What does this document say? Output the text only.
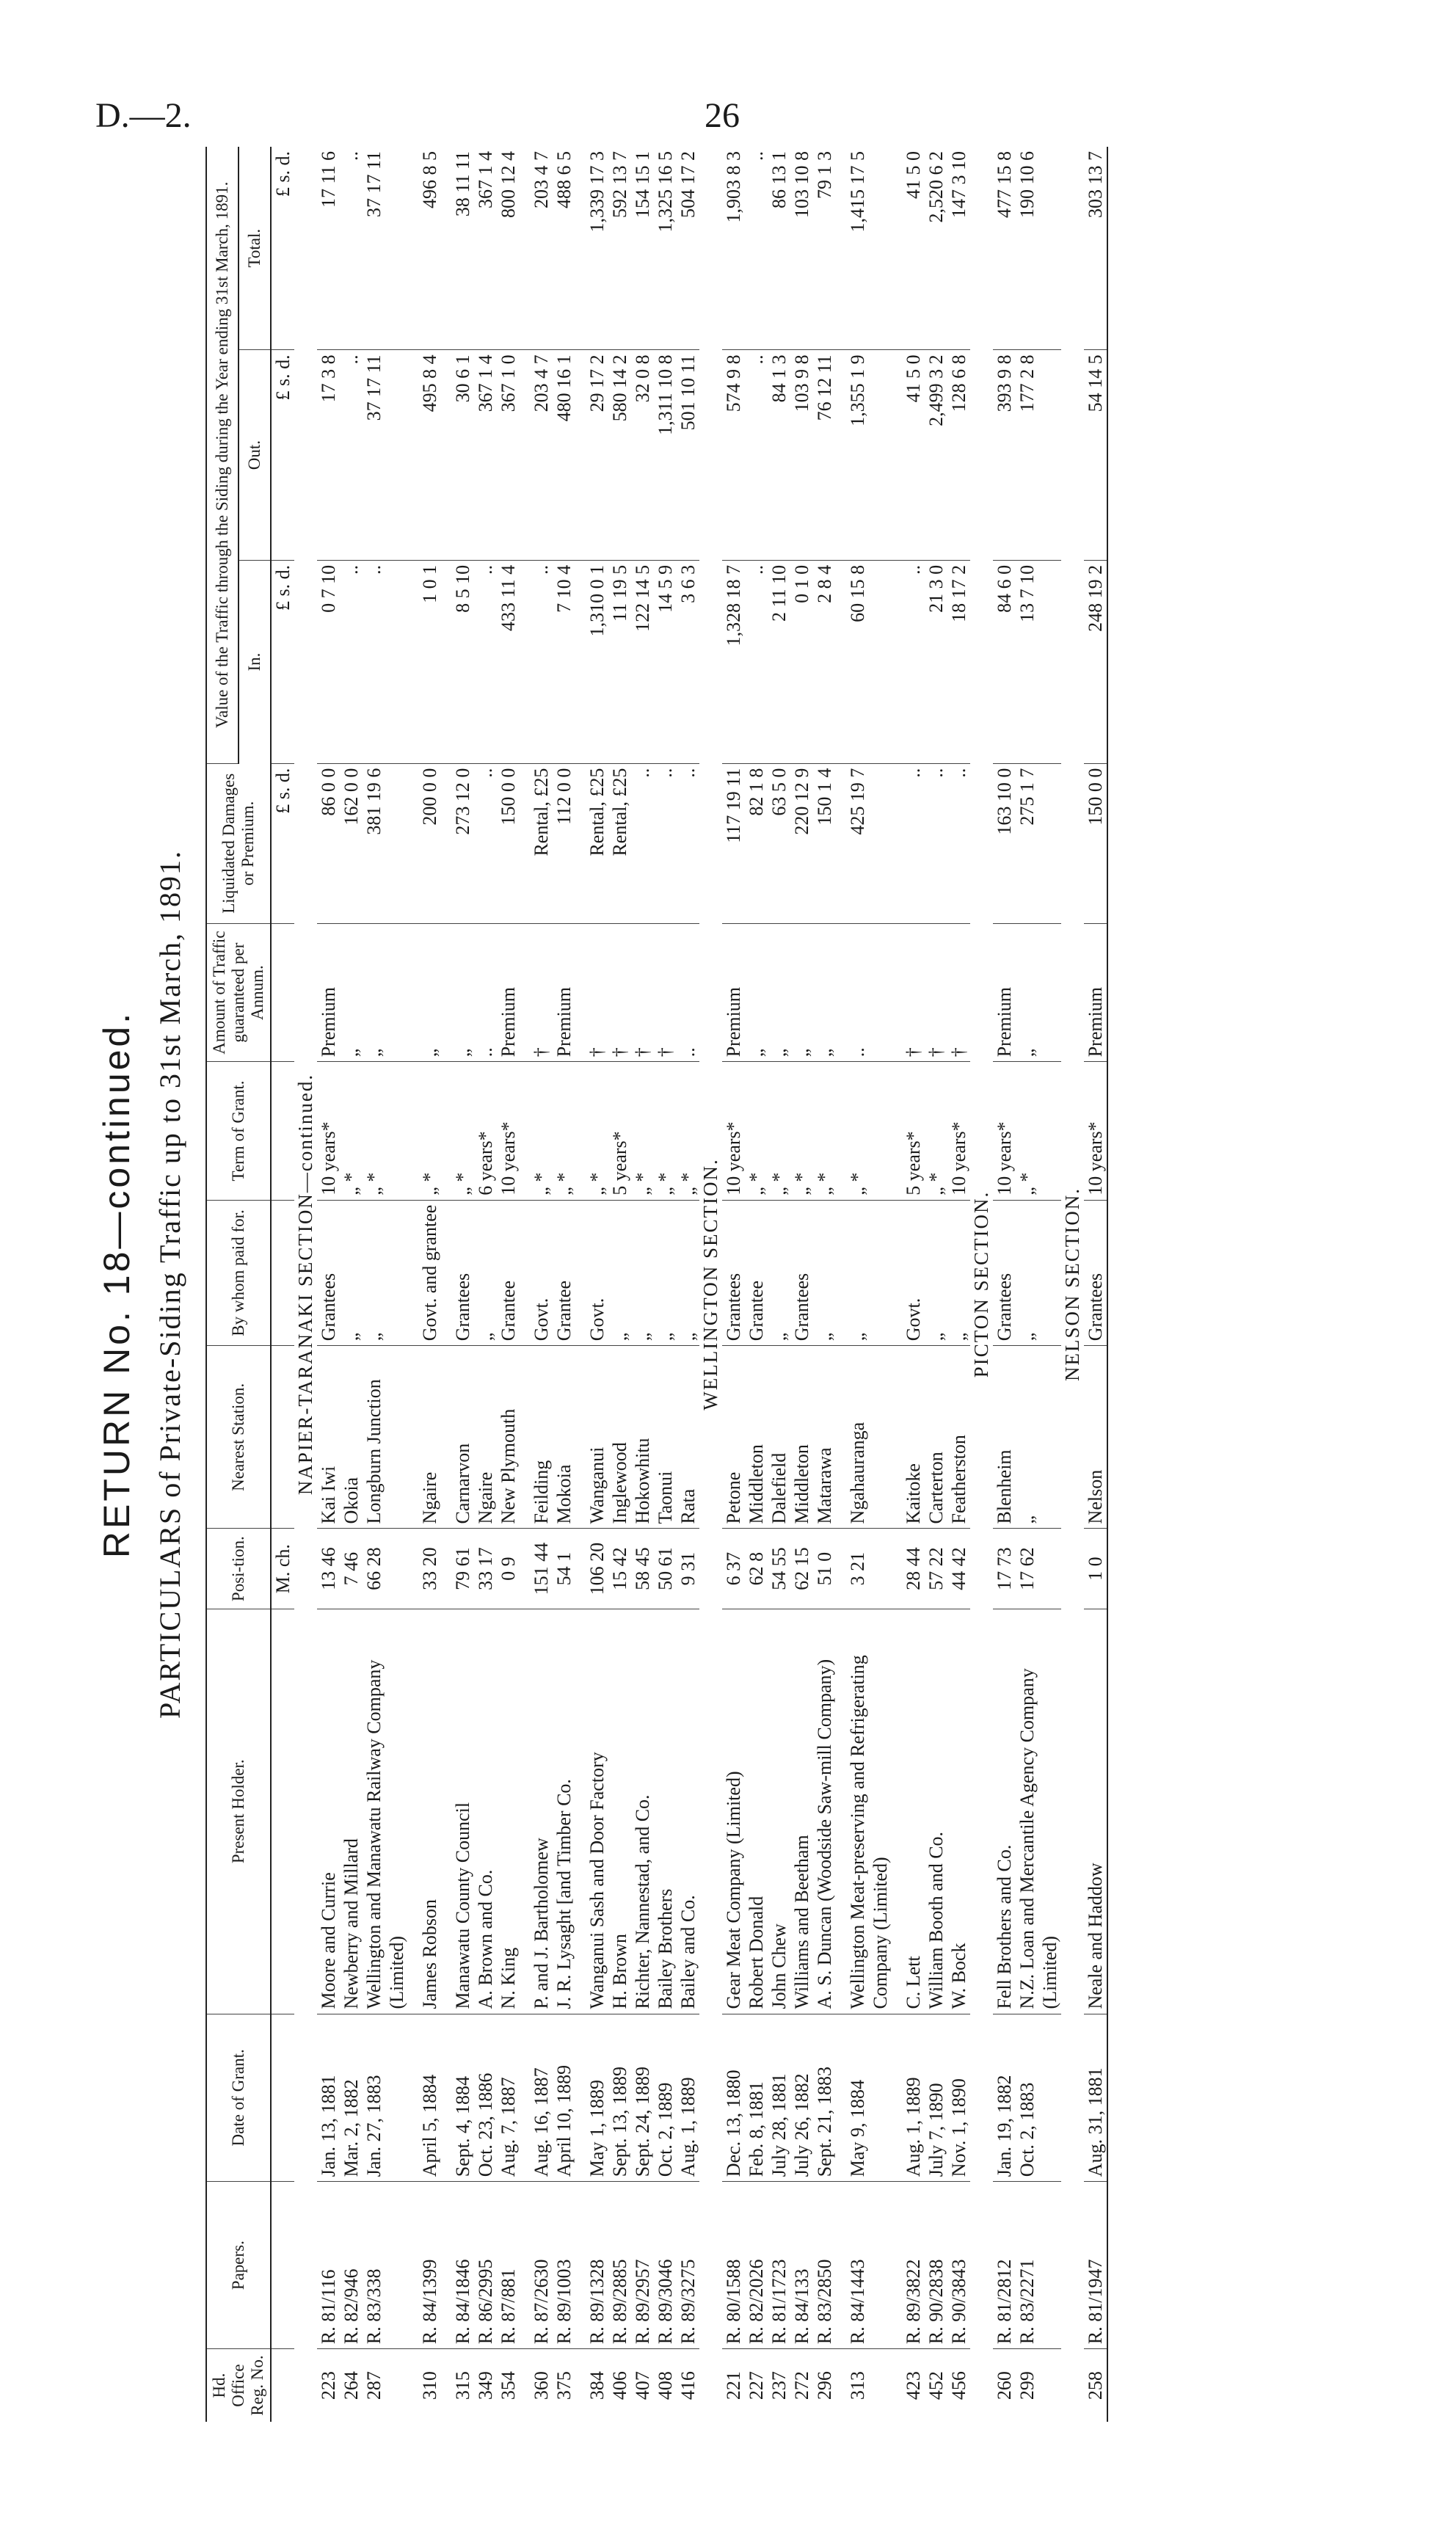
D.—2.	26
RETURN No. 18—continued. PARTICULARS of Private-Siding Traffic up to 31st March, 1891.
Hd. Office Reg. No.	Papers.	Date of Grant.	Present Holder.	Posi-tion.	Nearest Station.	By whom paid for.	Term of Grant.	Amount of Traffic guaranteed per Annum.	Liquidated Damages or Premium.	Value of the Traffic through the Siding during the Year ending 31st March, 1891.		
										In.	Out.	Total.
				M. ch.					£ s. d.	£ s. d.	£ s. d.	£ s. d.
NAPIER-TARANAKI SECTION—continued.												
223	R. 81/116	Jan. 13, 1881	Moore and Currie	13 46	Kai Iwi	Grantees	10 years*	Premium	86 0 0	0 7 10	17 3 8	17 11 6
264	R. 82/946	Mar. 2, 1882	Newberry and Millard	7 46	Okoia	„	„ *	„	162 0 0	..	..	..
287	R. 83/338	Jan. 27, 1883	Wellington and Manawatu Railway Company (Limited)	66 28	Longburn Junction	„	„ *	„	381 19 6	..	37 17 11	37 17 11

310	R. 84/1399	April 5, 1884	James Robson	33 20	Ngaire	Govt. and grantee	„ *	„	200 0 0	1 0 1	495 8 4	496 8 5

315	R. 84/1846	Sept. 4, 1884	Manawatu County Council	79 61	Carnarvon	Grantees	„ *	„	273 12 0	8 5 10	30 6 1	38 11 11
349	R. 86/2995	Oct. 23, 1886	A. Brown and Co.	33 17	Ngaire	„	6 years*	..	..	..	367 1 4	367 1 4
354	R. 87/881	Aug. 7, 1887	N. King	0 9	New Plymouth	Grantee	10 years*	Premium	150 0 0	433 11 4	367 1 0	800 12 4

360	R. 87/2630	Aug. 16, 1887	P. and J. Bartholomew	151 44	Feilding	Govt.	„ *	†	Rental, £25	..	203 4 7	203 4 7
375	R. 89/1003	April 10, 1889	J. R. Lysaght [and Timber Co.	54 1	Mokoia	Grantee	„ *	Premium	112 0 0	7 10 4	480 16 1	488 6 5

384	R. 89/1328	May 1, 1889	Wanganui Sash and Door Factory	106 20	Wanganui	Govt.	„ *	†	Rental, £25	1,310 0 1	29 17 2	1,339 17 3
406	R. 89/2885	Sept. 13, 1889	H. Brown	15 42	Inglewood	„	5 years*	†	Rental, £25	11 19 5	580 14 2	592 13 7
407	R. 89/2957	Sept. 24, 1889	Richter, Nannestad, and Co.	58 45	Hokowhitu	„	„ *	†	..	122 14 5	32 0 8	154 15 1
408	R. 89/3046	Oct. 2, 1889	Bailey Brothers	50 61	Taonui	„	„ *	†	..	14 5 9	1,311 10 8	1,325 16 5
416	R. 89/3275	Aug. 1, 1889	Bailey and Co.	9 31	Rata	„	„ *	..	..	3 6 3	501 10 11	504 17 2
WELLINGTON SECTION.												
221	R. 80/1588	Dec. 13, 1880	Gear Meat Company (Limited)	6 37	Petone	Grantees	10 years*	Premium	117 19 11	1,328 18 7	574 9 8	1,903 8 3
227	R. 82/2026	Feb. 8, 1881	Robert Donald	62 8	Middleton	Grantee	„ *	„	82 1 8	..	..	..
237	R. 81/1723	July 28, 1881	John Chew	54 55	Dalefield	„	„ *	„	63 5 0	2 11 10	84 1 3	86 13 1
272	R. 84/133	July 26, 1882	Williams and Beetham	62 15	Middleton	Grantees	„ *	„	220 12 9	0 1 0	103 9 8	103 10 8
296	R. 83/2850	Sept. 21, 1883	A. S. Duncan (Woodside Saw-mill Company)	51 0	Matarawa	„	„ *	„	150 1 4	2 8 4	76 12 11	79 1 3

313	R. 84/1443	May 9, 1884	Wellington Meat-preserving and Refrigerating Company (Limited)	3 21	Ngahauranga	„	„ *	..	425 19 7	60 15 8	1,355 1 9	1,415 17 5

423	R. 89/3822	Aug. 1, 1889	C. Lett	28 44	Kaitoke	Govt.	5 years*	†	..	..	41 5 0	41 5 0
452	R. 90/2838	July 7, 1890	William Booth and Co.	57 22	Carterton	„	„ *	†	..	21 3 0	2,499 3 2	2,520 6 2
456	R. 90/3843	Nov. 1, 1890	W. Bock	44 42	Featherston	„	10 years*	†	..	18 17 2	128 6 8	147 3 10
PICTON SECTION.												
260	R. 81/2812	Jan. 19, 1882	Fell Brothers and Co.	17 73	Blenheim	Grantees	10 years*	Premium	163 10 0	84 6 0	393 9 8	477 15 8
299	R. 83/2271	Oct. 2, 1883	N.Z. Loan and Mercantile Agency Company (Limited)	17 62	„	„	„ *	„	275 1 7	13 7 10	177 2 8	190 10 6
NELSON SECTION.												
258	R. 81/1947	Aug. 31, 1881	Neale and Haddow	1 0	Nelson	Grantees	10 years*	Premium	150 0 0	248 19 2	54 14 5	303 13 7
